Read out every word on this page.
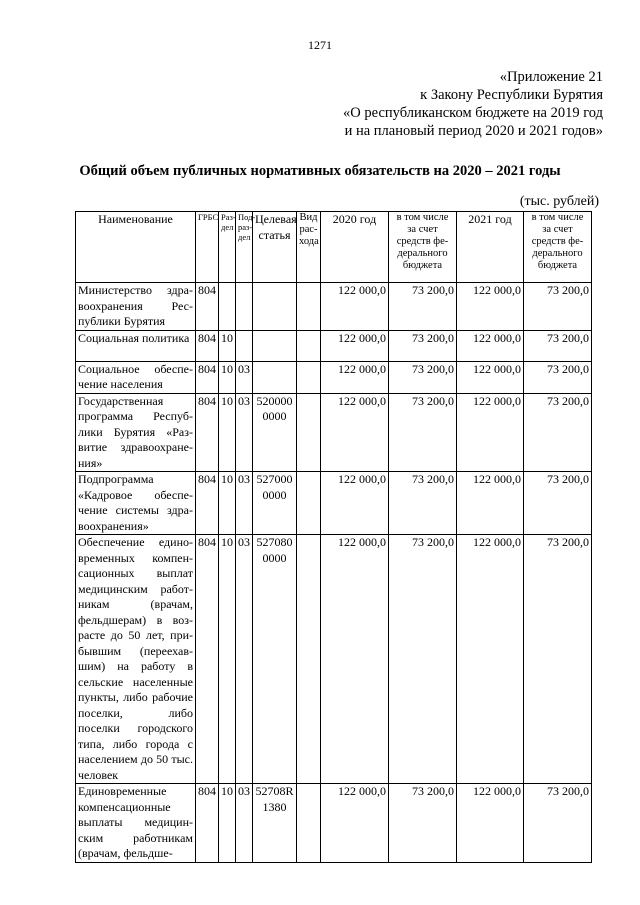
1271
«Приложение 21
к Закону Республики Бурятия
«О республиканском бюджете на 2019 год
и на плановый период 2020 и 2021 годов»
Общий объем публичных нормативных обязательств на 2020 – 2021 годы
(тыс. рублей)
Наименование	ГРБС	Раз-дел	Под-раз-дел	Целевая статья	Вид рас-хода	2020 год	в том числе за счет средств фе-дерального бюджета	2021 год	в том числе за счет средств фе-дерального бюджета
Министерство здравоохранения Республики Бурятия	804					122 000,0	73 200,0	122 000,0	73 200,0
Социальная политика	804	10				122 000,0	73 200,0	122 000,0	73 200,0
Социальное обеспечение населения	804	10	03			122 000,0	73 200,0	122 000,0	73 200,0
Государственная программа Республики Бурятия «Развитие здравоохранения»	804	10	03	520000 0000		122 000,0	73 200,0	122 000,0	73 200,0
Подпрограмма «Кадровое обеспечение системы здравоохранения»	804	10	03	527000 0000		122 000,0	73 200,0	122 000,0	73 200,0
Обеспечение единовременных компенсационных выплат медицинским работникам (врачам, фельдшерам) в возрасте до 50 лет, прибывшим (переехавшим) на работу в сельские населенные пункты, либо рабочие поселки, либо поселки городского типа, либо города с населением до 50 тыс. человек	804	10	03	527080 0000		122 000,0	73 200,0	122 000,0	73 200,0
Единовременные компенсационные выплаты медицинским работникам (врачам, фельдше-	804	10	03	52708R 1380		122 000,0	73 200,0	122 000,0	73 200,0
